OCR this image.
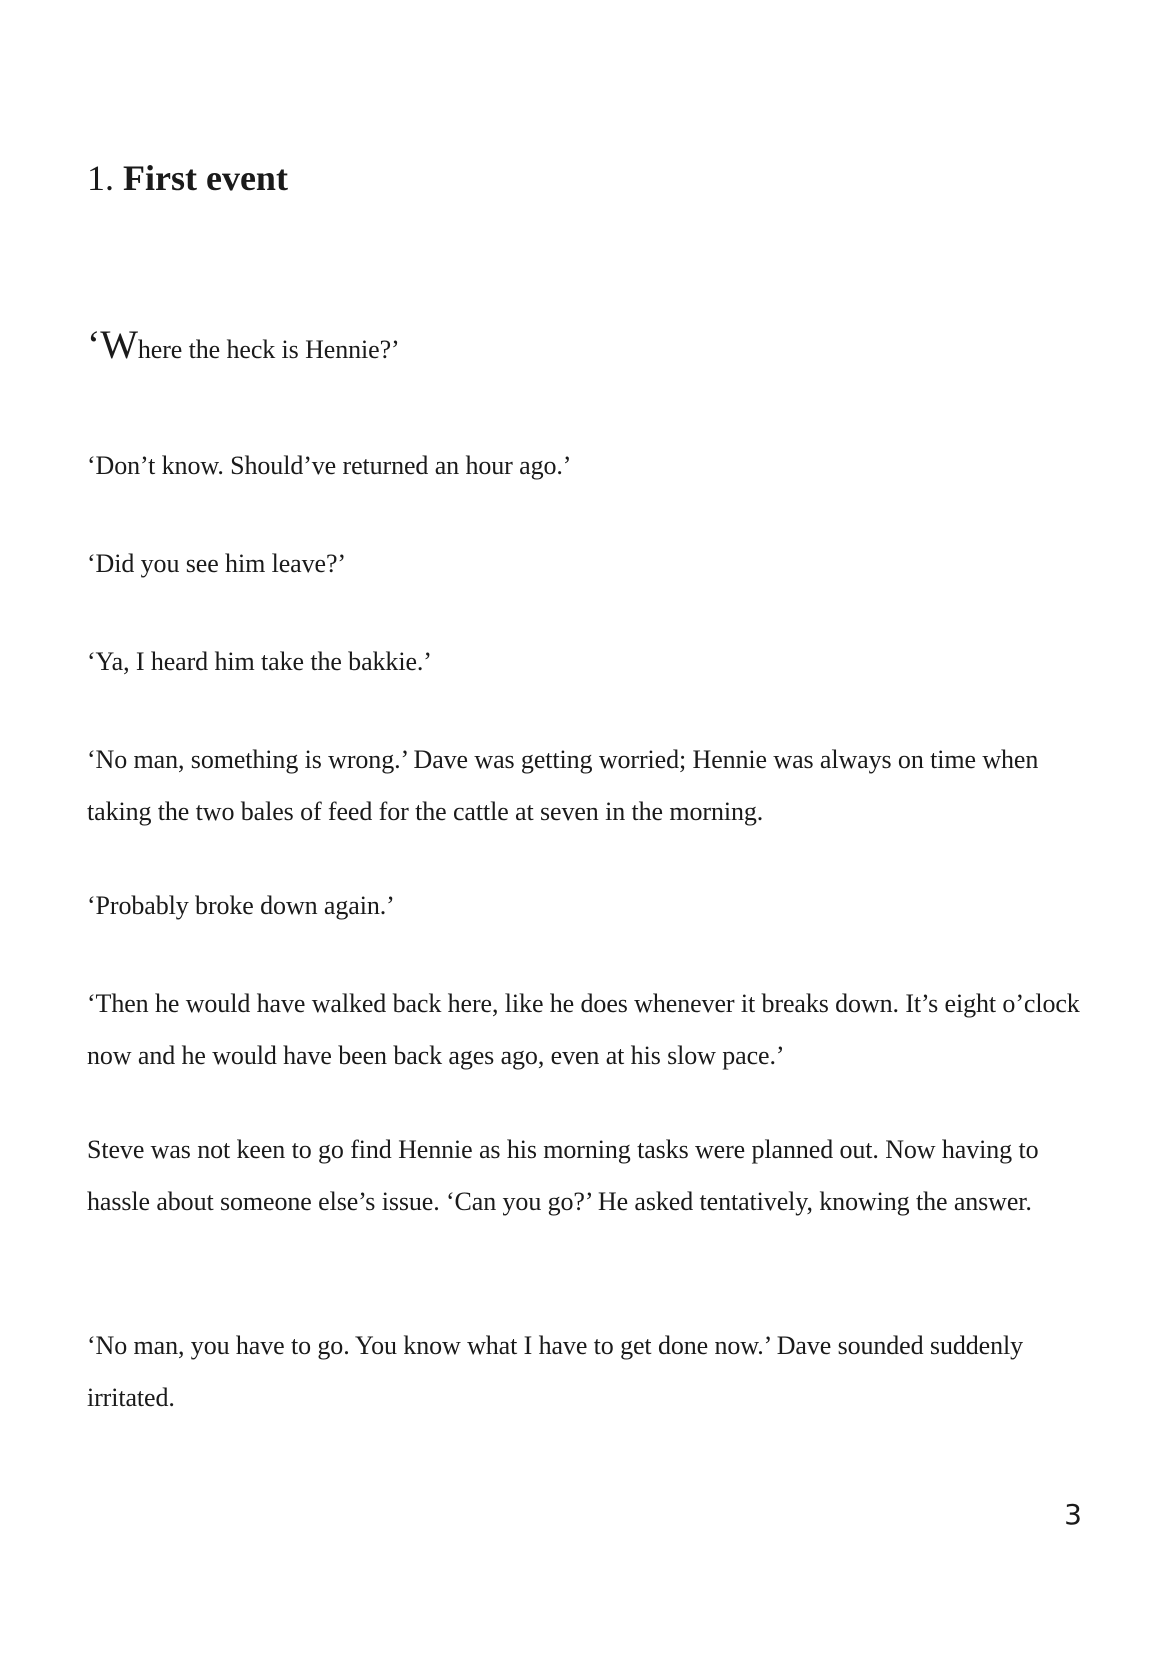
1. First event

‘Where the heck is Hennie?’

‘Don’t know. Should’ve returned an hour ago.’

‘Did you see him leave?’

‘Ya, I heard him take the bakkie.’

‘No man, something is wrong.’ Dave was getting worried; Hennie was always on time when taking the two bales of feed for the cattle at seven in the morning.

‘Probably broke down again.’

‘Then he would have walked back here, like he does whenever it breaks down. It’s eight o’clock now and he would have been back ages ago, even at his slow pace.’

Steve was not keen to go find Hennie as his morning tasks were planned out. Now having to hassle about someone else’s issue. ‘Can you go?’ He asked tentatively, knowing the answer.

‘No man, you have to go. You know what I have to get done now.’ Dave sounded suddenly irritated.

3
